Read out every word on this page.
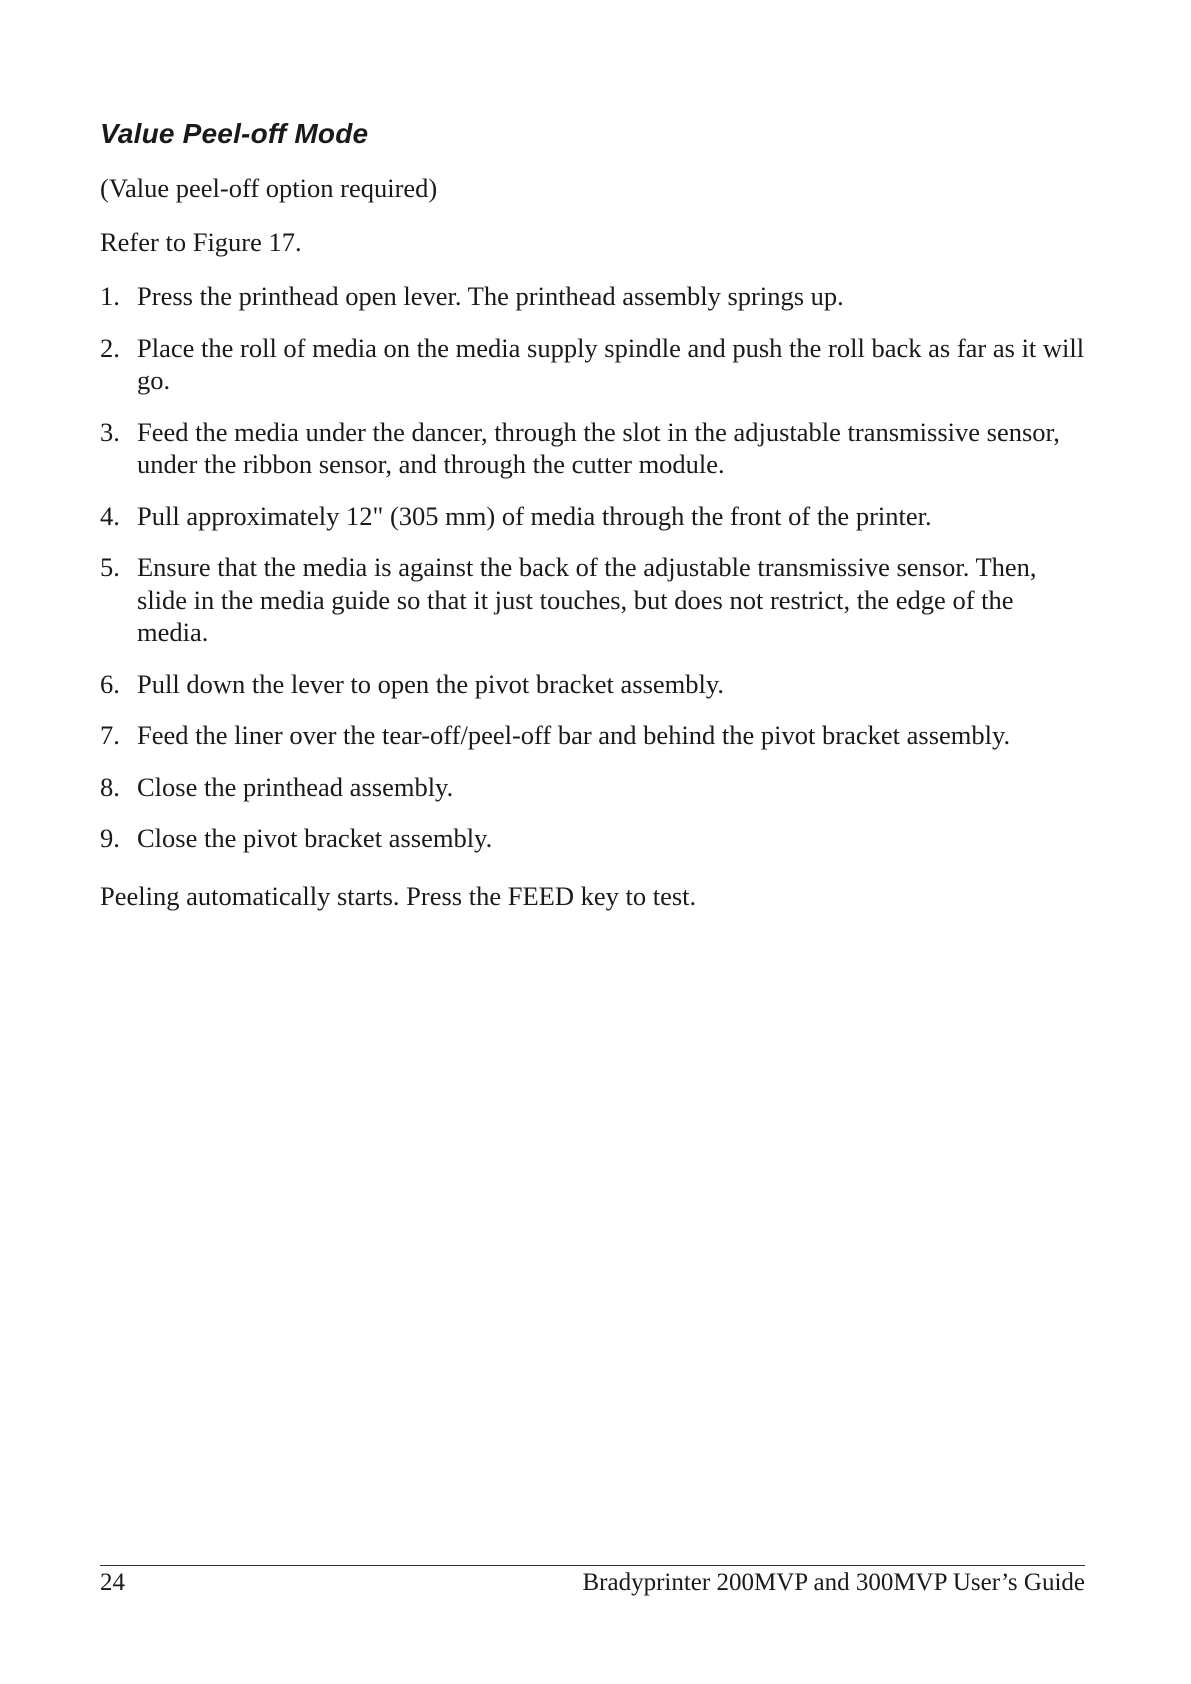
Value Peel-off Mode

(Value peel-off option required)

Refer to Figure 17.

1. Press the printhead open lever. The printhead assembly springs up.
2. Place the roll of media on the media supply spindle and push the roll back as far as it will go.
3. Feed the media under the dancer, through the slot in the adjustable transmissive sensor, under the ribbon sensor, and through the cutter module.
4. Pull approximately 12" (305 mm) of media through the front of the printer.
5. Ensure that the media is against the back of the adjustable transmissive sensor. Then, slide in the media guide so that it just touches, but does not restrict, the edge of the media.
6. Pull down the lever to open the pivot bracket assembly.
7. Feed the liner over the tear-off/peel-off bar and behind the pivot bracket assembly.
8. Close the printhead assembly.
9. Close the pivot bracket assembly.

Peeling automatically starts. Press the FEED key to test.

24	Bradyprinter 200MVP and 300MVP User’s Guide
